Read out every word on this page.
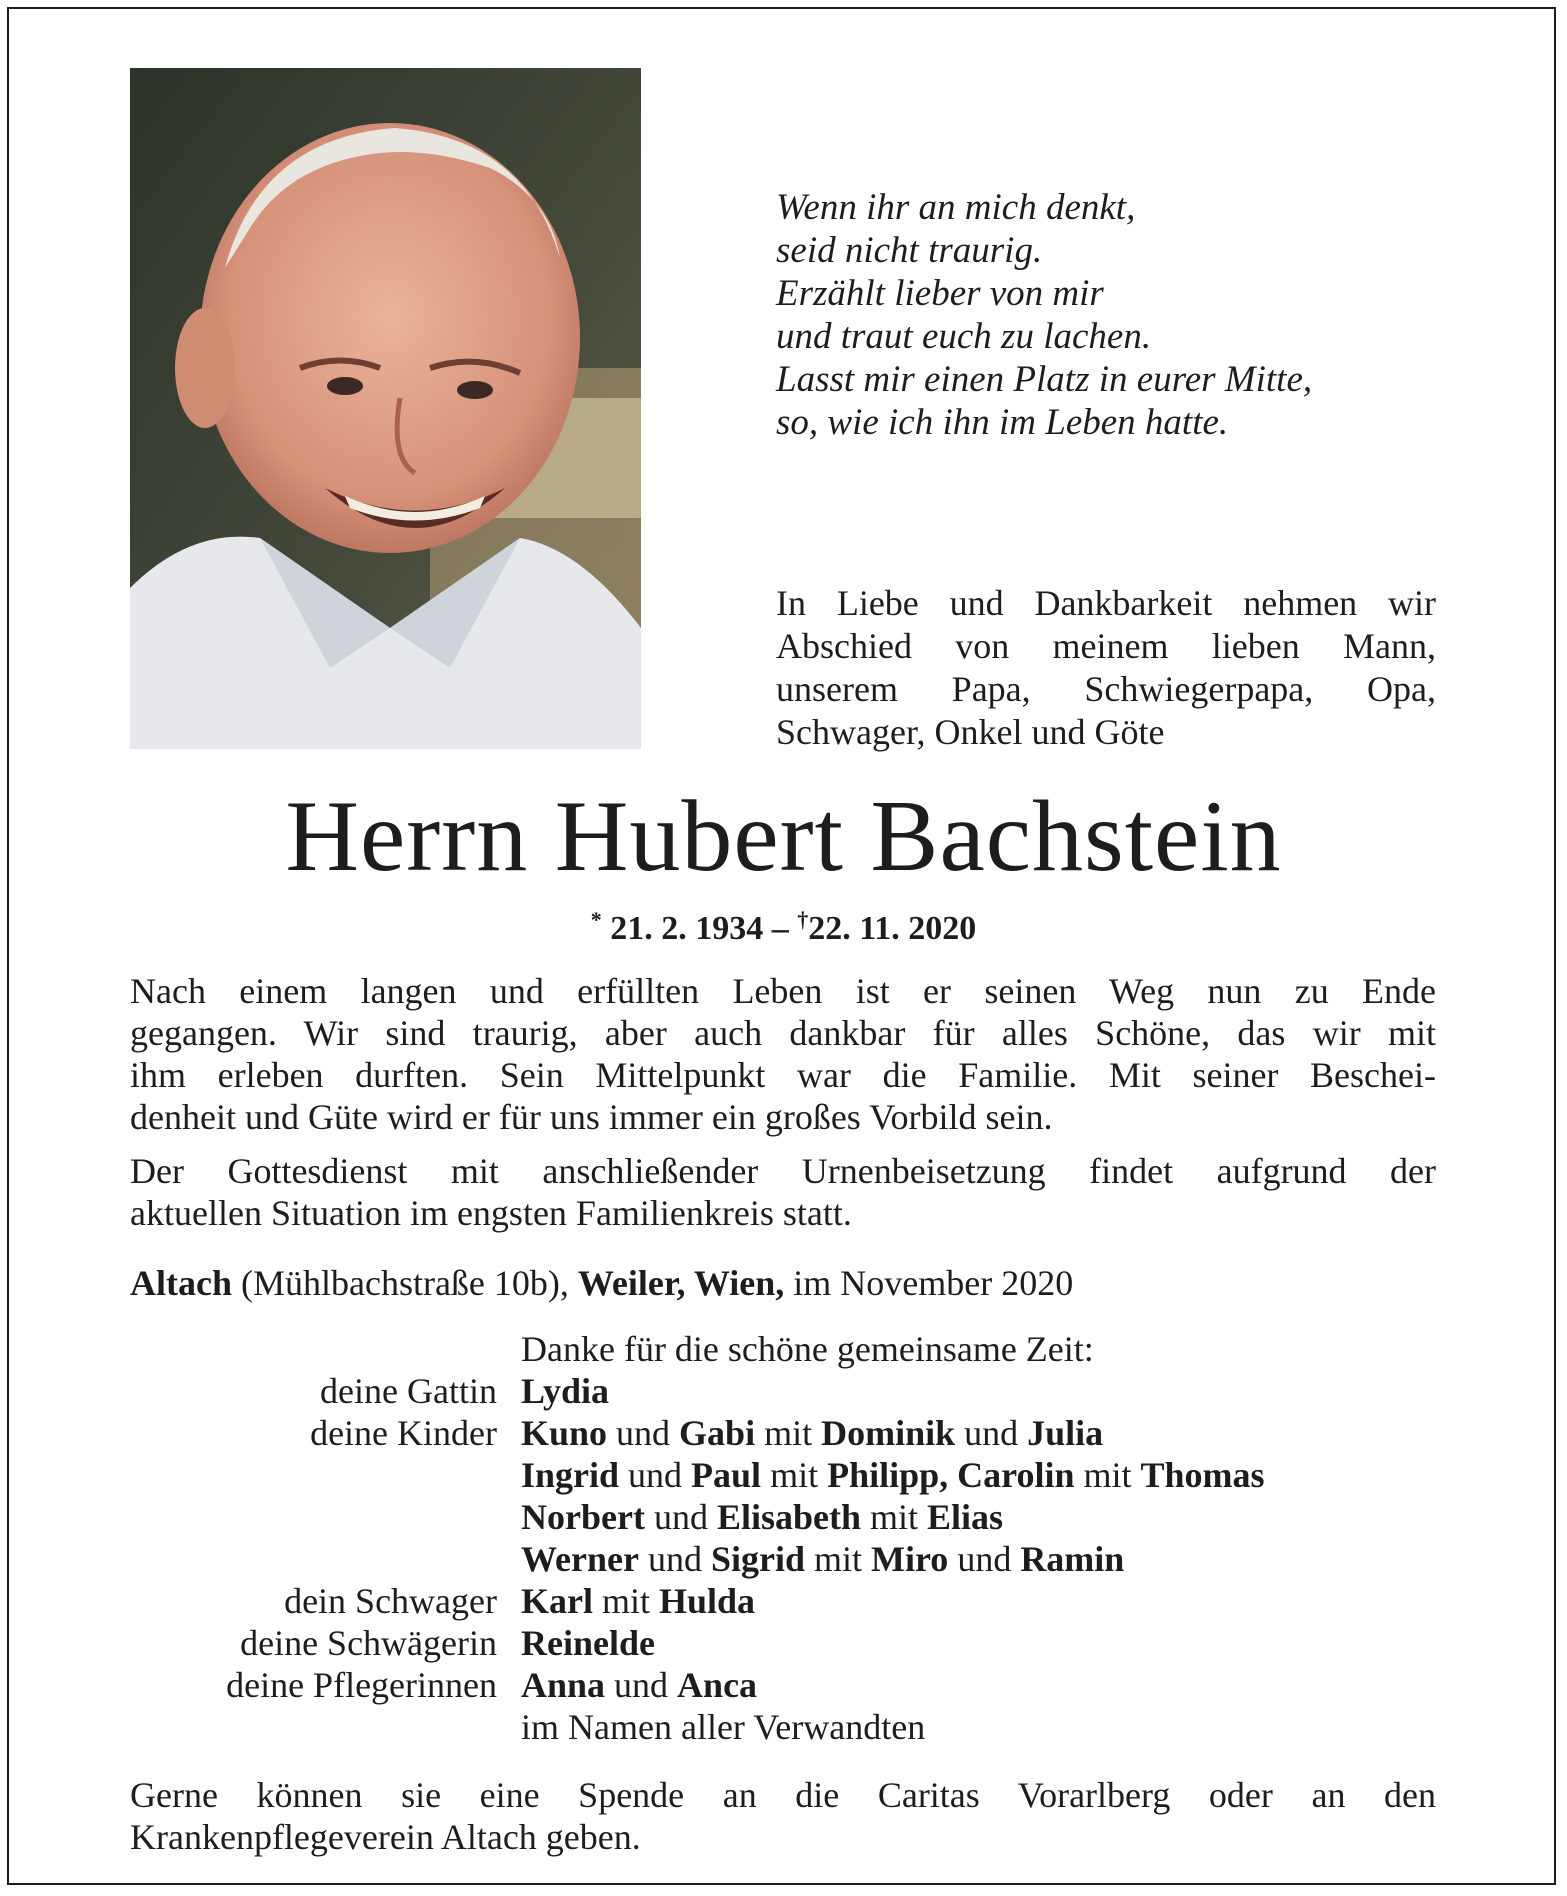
Wenn ihr an mich denkt,
seid nicht traurig.
Erzählt lieber von mir
und traut euch zu lachen.
Lasst mir einen Platz in eurer Mitte,
so, wie ich ihn im Leben hatte.
In Liebe und Dankbarkeit nehmen wir
Abschied von meinem lieben Mann,
unserem Papa, Schwiegerpapa, Opa,
Schwager, Onkel und Göte
Herrn Hubert Bachstein
* 21. 2. 1934 – †22. 11. 2020
Nach einem langen und erfüllten Leben ist er seinen Weg nun zu Ende
gegangen. Wir sind traurig, aber auch dankbar für alles Schöne, das wir mit
ihm erleben durften. Sein Mittelpunkt war die Familie. Mit seiner Beschei-
denheit und Güte wird er für uns immer ein großes Vorbild sein.
Der Gottesdienst mit anschließender Urnenbeisetzung findet aufgrund der
aktuellen Situation im engsten Familienkreis statt.
Altach (Mühlbachstraße 10b), Weiler, Wien, im November 2020
Danke für die schöne gemeinsame Zeit:
deine Gattin Lydia
deine Kinder Kuno und Gabi mit Dominik und Julia
Ingrid und Paul mit Philipp, Carolin mit Thomas
Norbert und Elisabeth mit Elias
Werner und Sigrid mit Miro und Ramin
dein Schwager Karl mit Hulda
deine Schwägerin Reinelde
deine Pflegerinnen Anna und Anca
im Namen aller Verwandten
Gerne können sie eine Spende an die Caritas Vorarlberg oder an den
Krankenpflegeverein Altach geben.
